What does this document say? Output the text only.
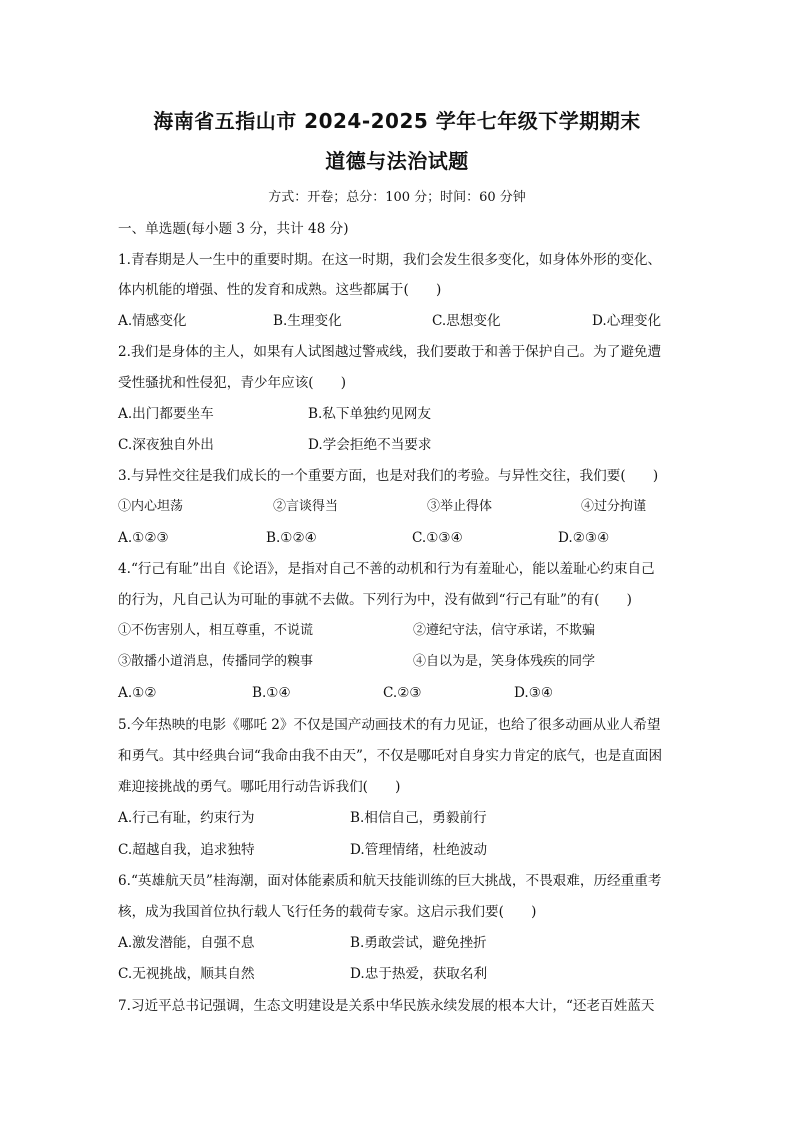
海南省五指山市 2024-2025 学年七年级下学期期末
道德与法治试题
方式：开卷；总分：100 分；时间：60 分钟
一、单选题(每小题 3 分，共计 48 分)
1.青春期是人一生中的重要时期。在这一时期，我们会发生很多变化，如身体外形的变化、
体内机能的增强、性的发育和成熟。这些都属于(　　)
A.情感变化	B.生理变化	C.思想变化	D.心理变化
2.我们是身体的主人，如果有人试图越过警戒线，我们要敢于和善于保护自己。为了避免遭
受性骚扰和性侵犯，青少年应该(　　)
A.出门都要坐车	B.私下单独约见网友
C.深夜独自外出	D.学会拒绝不当要求
3.与异性交往是我们成长的一个重要方面，也是对我们的考验。与异性交往，我们要(　　)
①内心坦荡	②言谈得当	③举止得体	④过分拘谨
A.①②③	B.①②④	C.①③④	D.②③④
4.“行己有耻”出自《论语》，是指对自己不善的动机和行为有羞耻心，能以羞耻心约束自己
的行为，凡自己认为可耻的事就不去做。下列行为中，没有做到“行己有耻”的有(　　)
①不伤害别人，相互尊重，不说谎	②遵纪守法，信守承诺，不欺骗
③散播小道消息，传播同学的糗事	④自以为是，笑身体残疾的同学
A.①②	B.①④	C.②③	D.③④
5.今年热映的电影《哪吒 2》不仅是国产动画技术的有力见证，也给了很多动画从业人希望
和勇气。其中经典台词“我命由我不由天”，不仅是哪吒对自身实力肯定的底气，也是直面困
难迎接挑战的勇气。哪吒用行动告诉我们(　　)
A.行己有耻，约束行为	B.相信自己，勇毅前行
C.超越自我，追求独特	D.管理情绪，杜绝波动
6.“英雄航天员”桂海潮，面对体能素质和航天技能训练的巨大挑战，不畏艰难，历经重重考
核，成为我国首位执行载人飞行任务的载荷专家。这启示我们要(　　)
A.激发潜能，自强不息	B.勇敢尝试，避免挫折
C.无视挑战，顺其自然	D.忠于热爱，获取名利
7.习近平总书记强调，生态文明建设是关系中华民族永续发展的根本大计，“还老百姓蓝天
